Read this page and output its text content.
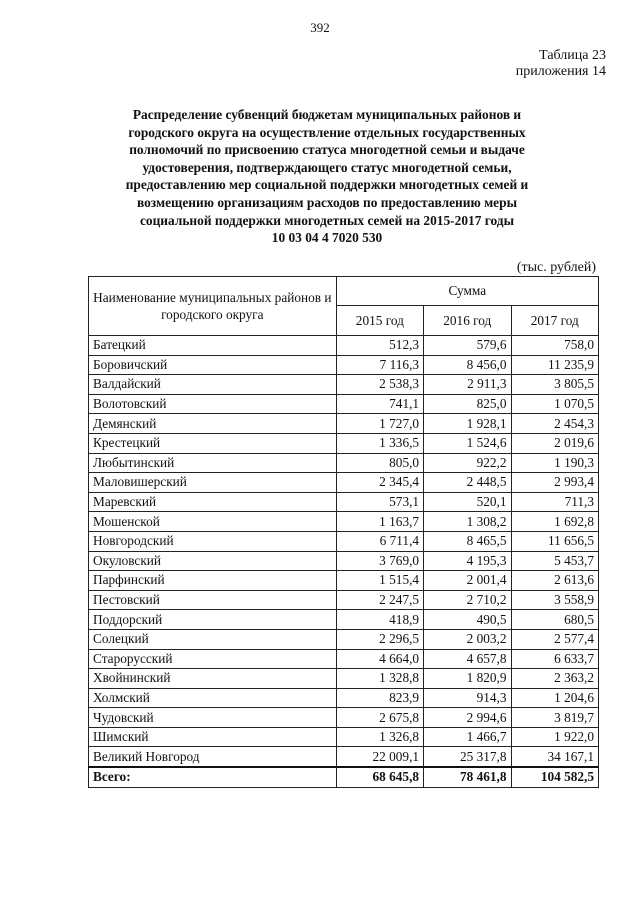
392
Таблица 23
приложения 14
Распределение субвенций бюджетам муниципальных районов и городского округа на осуществление отдельных государственных полномочий по присвоению статуса многодетной семьи и выдаче удостоверения, подтверждающего статус многодетной семьи, предоставлению мер социальной поддержки многодетных семей и возмещению организациям расходов по предоставлению меры социальной поддержки многодетных семей на 2015-2017 годы
10 03 04 4 7020 530
(тыс. рублей)
Наименование муниципальных районов и городского округа	Сумма		
	2015 год	2016 год	2017 год
Батецкий	512,3	579,6	758,0
Боровичский	7 116,3	8 456,0	11 235,9
Валдайский	2 538,3	2 911,3	3 805,5
Волотовский	741,1	825,0	1 070,5
Демянский	1 727,0	1 928,1	2 454,3
Крестецкий	1 336,5	1 524,6	2 019,6
Любытинский	805,0	922,2	1 190,3
Маловишерский	2 345,4	2 448,5	2 993,4
Маревский	573,1	520,1	711,3
Мошенской	1 163,7	1 308,2	1 692,8
Новгородский	6 711,4	8 465,5	11 656,5
Окуловский	3 769,0	4 195,3	5 453,7
Парфинский	1 515,4	2 001,4	2 613,6
Пестовский	2 247,5	2 710,2	3 558,9
Поддорский	418,9	490,5	680,5
Солецкий	2 296,5	2 003,2	2 577,4
Старорусский	4 664,0	4 657,8	6 633,7
Хвойнинский	1 328,8	1 820,9	2 363,2
Холмский	823,9	914,3	1 204,6
Чудовский	2 675,8	2 994,6	3 819,7
Шимский	1 326,8	1 466,7	1 922,0
Великий Новгород	22 009,1	25 317,8	34 167,1
Всего:	68 645,8	78 461,8	104 582,5
